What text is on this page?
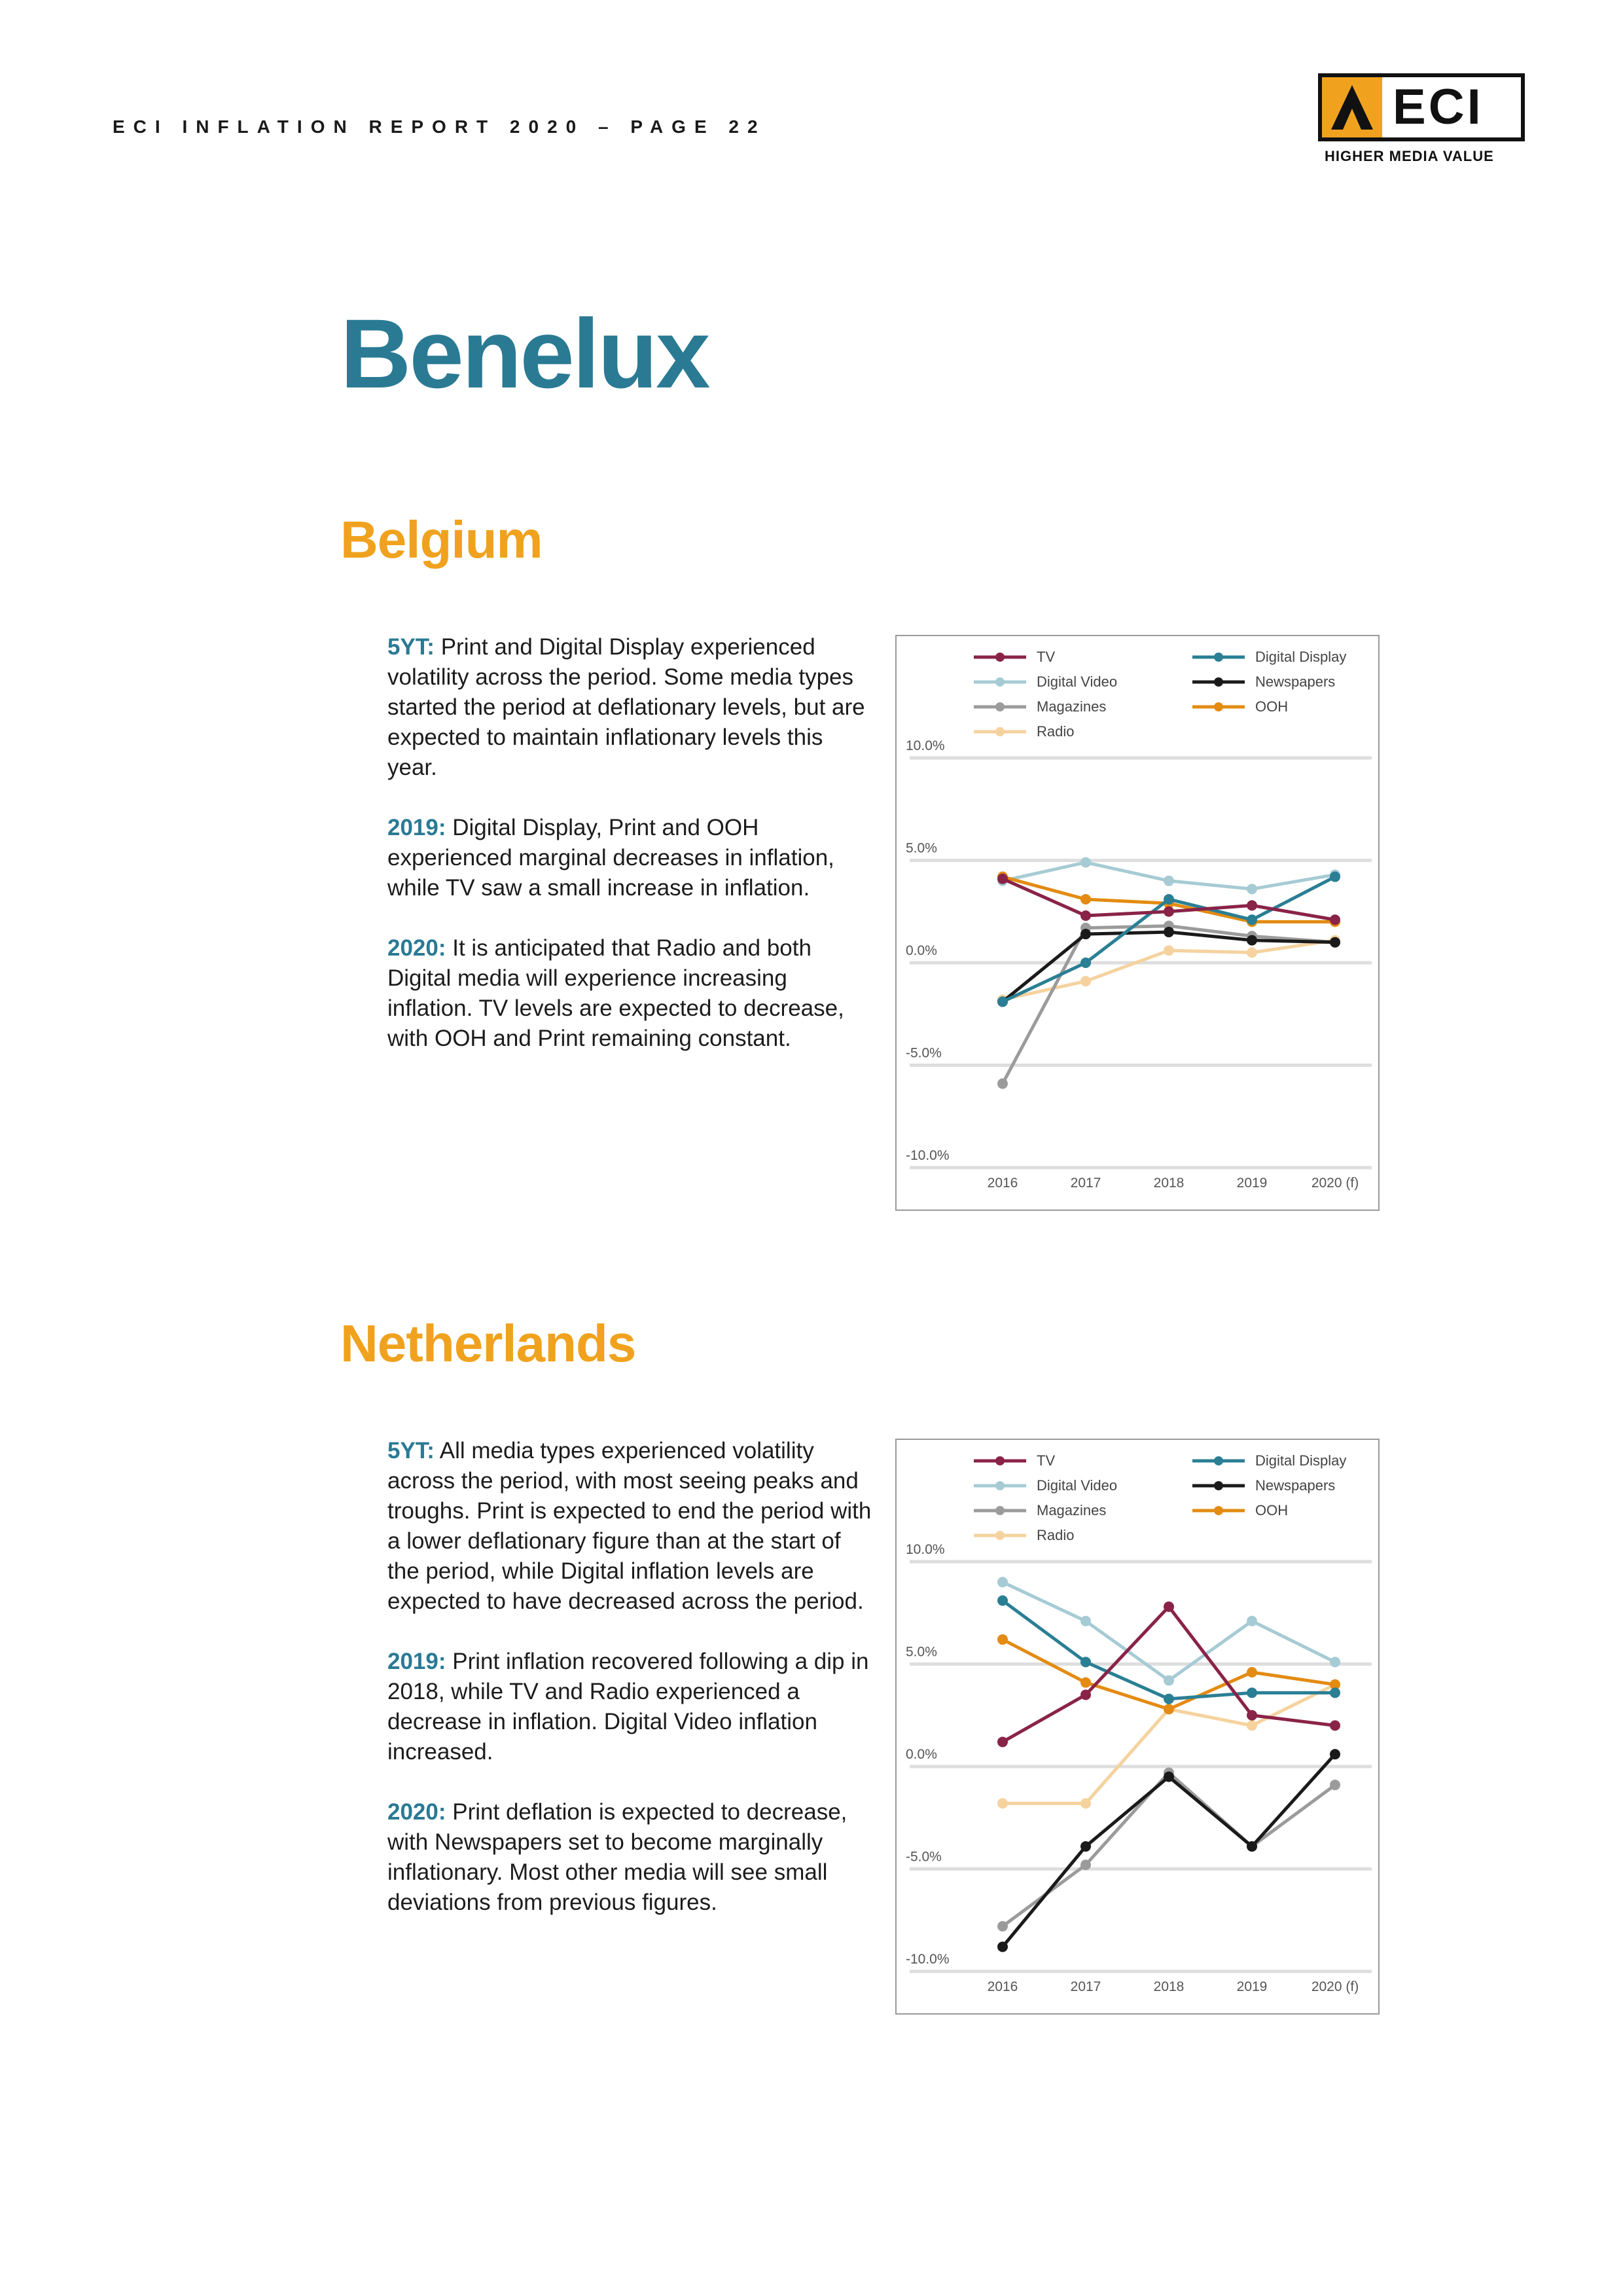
ECI INFLATION REPORT 2020 – PAGE 22	ECI
HIGHER MEDIA VALUE
Benelux
Belgium

5YT: Print and Digital Display experienced volatility across the period. Some media types started the period at deflationary levels, but are expected to maintain inflationary levels this year.

2019: Digital Display, Print and OOH experienced marginal decreases in inflation, while TV saw a small increase in inflation.

2020: It is anticipated that Radio and both Digital media will experience increasing inflation. TV levels are expected to decrease, with OOH and Print remaining constant.

10.0%
5.0%
0.0%
-5.0%
-10.0%
2016	2017	2018	2019	2020 (f)
TV
Digital Video
Magazines
Radio
Digital Display
Newspapers
OOH
Netherlands

5YT: All media types experienced volatility across the period, with most seeing peaks and troughs. Print is expected to end the period with a lower deflationary figure than at the start of the period, while Digital inflation levels are expected to have decreased across the period.

2019: Print inflation recovered following a dip in 2018, while TV and Radio experienced a decrease in inflation. Digital Video inflation increased.

2020: Print deflation is expected to decrease, with Newspapers set to become marginally inflationary. Most other media will see small deviations from previous figures.

10.0%
5.0%
0.0%
-5.0%
-10.0%
2016	2017	2018	2019	2020 (f)
TV
Digital Video
Magazines
Radio
Digital Display
Newspapers
OOH
